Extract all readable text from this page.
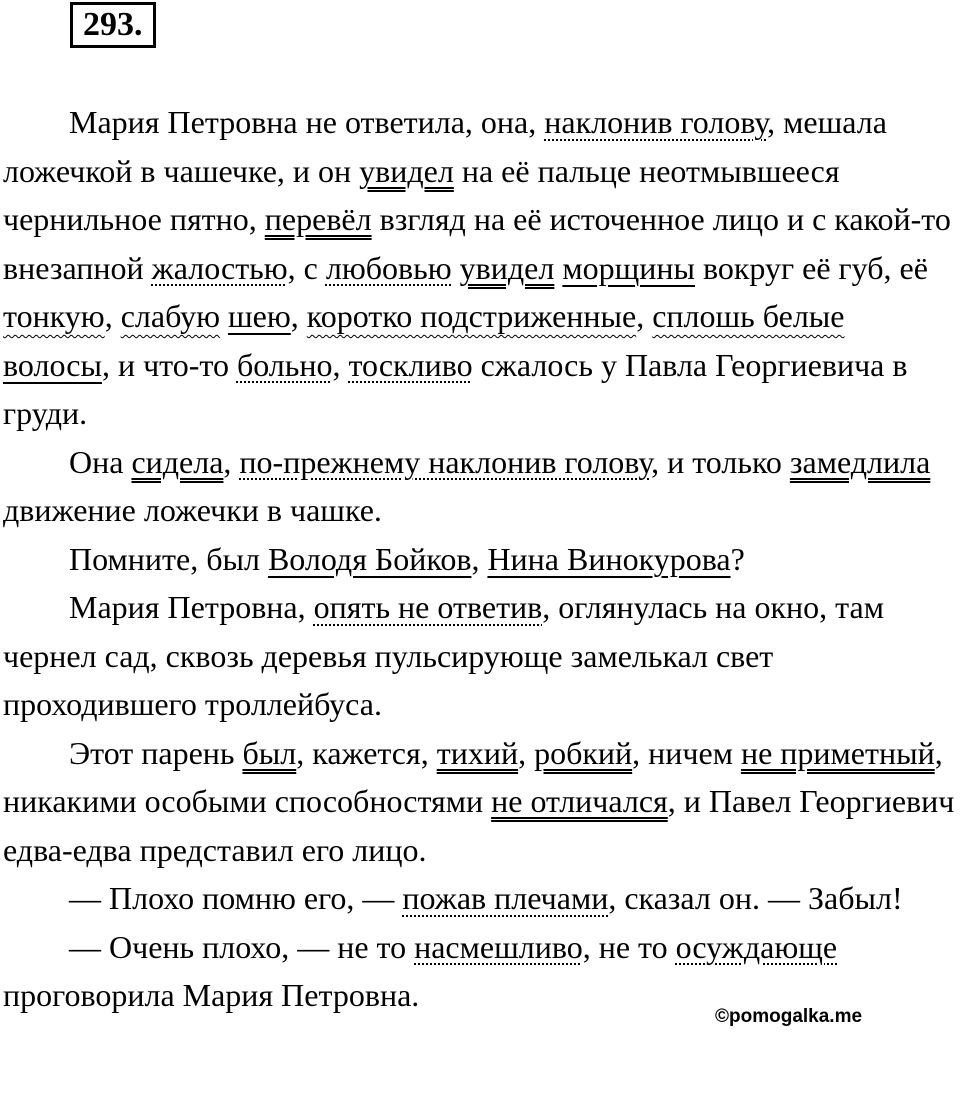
293.

Мария Петровна не ответила, она, наклонив голову, мешала ложечкой в чашечке, и он увидел на её пальце неотмывшееся чернильное пятно, перевёл взгляд на её источенное лицо и с какой-то внезапной жалостью, с любовью увидел морщины вокруг её губ, её тонкую, слабую шею, коротко подстриженные, сплошь белые волосы, и что-то больно, тоскливо сжалось у Павла Георгиевича в груди.

Она сидела, по-прежнему наклонив голову, и только замедлила движение ложечки в чашке.

Помните, был Володя Бойков, Нина Винокурова?

Мария Петровна, опять не ответив, оглянулась на окно, там чернел сад, сквозь деревья пульсирующе замелькал свет проходившего троллейбуса.

Этот парень был, кажется, тихий, робкий, ничем не приметный, никакими особыми способностями не отличался, и Павел Георгиевич едва-едва представил его лицо.

— Плохо помню его, — пожав плечами, сказал он. — Забыл!

— Очень плохо, — не то насмешливо, не то осуждающе проговорила Мария Петровна.

©pomogalka.me
